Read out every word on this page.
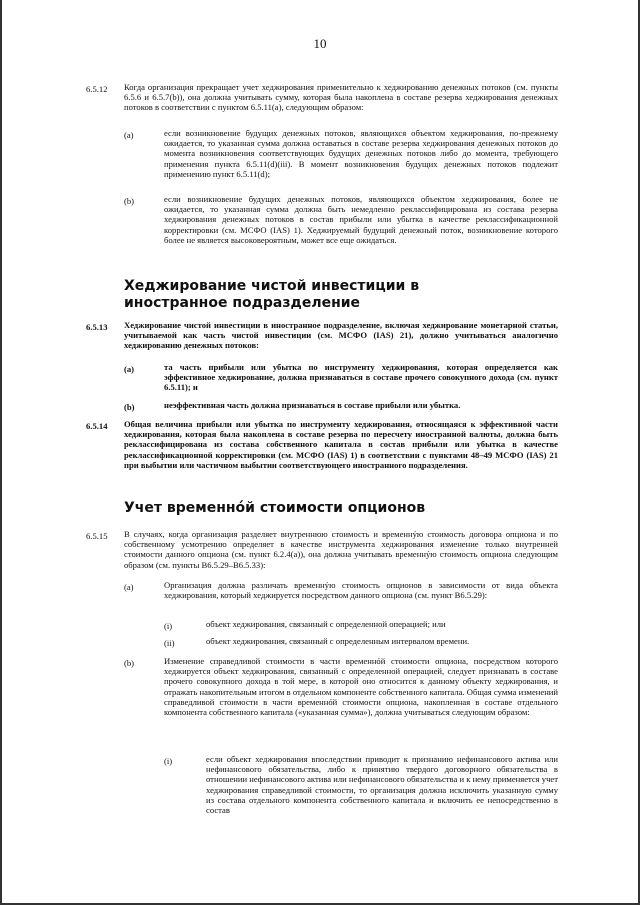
10
6.5.12 Когда организация прекращает учет хеджирования применительно к хеджированию денежных потоков (см. пункты 6.5.6 и 6.5.7(b)), она должна учитывать сумму, которая была накоплена в составе резерва хеджирования денежных потоков в соответствии с пунктом 6.5.11(a), следующим образом:
(a)	если возникновение будущих денежных потоков, являющихся объектом хеджирования, по-прежнему ожидается, то указанная сумма должна оставаться в составе резерва хеджирования денежных потоков до момента возникновения соответствующих будущих денежных потоков либо до момента, требующего применения пункта 6.5.11(d)(iii). В момент возникновения будущих денежных потоков подлежит применению пункт 6.5.11(d);
(b)	если возникновение будущих денежных потоков, являющихся объектом хеджирования, более не ожидается, то указанная сумма должна быть немедленно реклассифицирована из состава резерва хеджирования денежных потоков в состав прибыли или убытка в качестве реклассификационной корректировки (см. МСФО (IAS) 1). Хеджируемый будущий денежный поток, возникновение которого более не является высоковероятным, может все еще ожидаться.
Хеджирование чистой инвестиции в иностранное подразделение
6.5.13 Хеджирование чистой инвестиции в иностранное подразделение, включая хеджирование монетарной статьи, учитываемой как часть чистой инвестиции (см. МСФО (IAS) 21), должно учитываться аналогично хеджированию денежных потоков:
(a)	та часть прибыли или убытка по инструменту хеджирования, которая определяется как эффективное хеджирование, должна признаваться в составе прочего совокупного дохода (см. пункт 6.5.11); и
(b)	неэффективная часть должна признаваться в составе прибыли или убытка.
6.5.14 Общая величина прибыли или убытка по инструменту хеджирования, относящаяся к эффективной части хеджирования, которая была накоплена в составе резерва по пересчету иностранной валюты, должна быть реклассифицирована из состава собственного капитала в состав прибыли или убытка в качестве реклассификационной корректировки (см. МСФО (IAS) 1) в соответствии с пунктами 48–49 МСФО (IAS) 21 при выбытии или частичном выбытии соответствующего иностранного подразделения.
Учет временнóй стоимости опционов
6.5.15 В случаях, когда организация разделяет внутреннюю стоимость и временнýю стоимость договора опциона и по собственному усмотрению определяет в качестве инструмента хеджирования изменение только внутренней стоимости данного опциона (см. пункт 6.2.4(a)), она должна учитывать временнýю стоимость опциона следующим образом (см. пункты В6.5.29–В6.5.33):
(a)	Организация должна различать временнýю стоимость опционов в зависимости от вида объекта хеджирования, который хеджируется посредством данного опциона (см. пункт В6.5.29):
(i)	объект хеджирования, связанный с определенной операцией; или
(ii)	объект хеджирования, связанный с определенным интервалом времени.
(b)	Изменение справедливой стоимости в части временнóй стоимости опциона, посредством которого хеджируется объект хеджирования, связанный с определенной операцией, следует признавать в составе прочего совокупного дохода в той мере, в которой оно относится к данному объекту хеджирования, и отражать накопительным итогом в отдельном компоненте собственного капитала. Общая сумма изменений справедливой стоимости в части временнóй стоимости опциона, накопленная в составе отдельного компонента собственного капитала («указанная сумма»), должна учитываться следующим образом:
(i)	если объект хеджирования впоследствии приводит к признанию нефинансового актива или нефинансового обязательства, либо к принятию твердого договорного обязательства в отношении нефинансового актива или нефинансового обязательства и к нему применяется учет хеджирования справедливой стоимости, то организация должна исключить указанную сумму из состава отдельного компонента собственного капитала и включить ее непосредственно в состав
